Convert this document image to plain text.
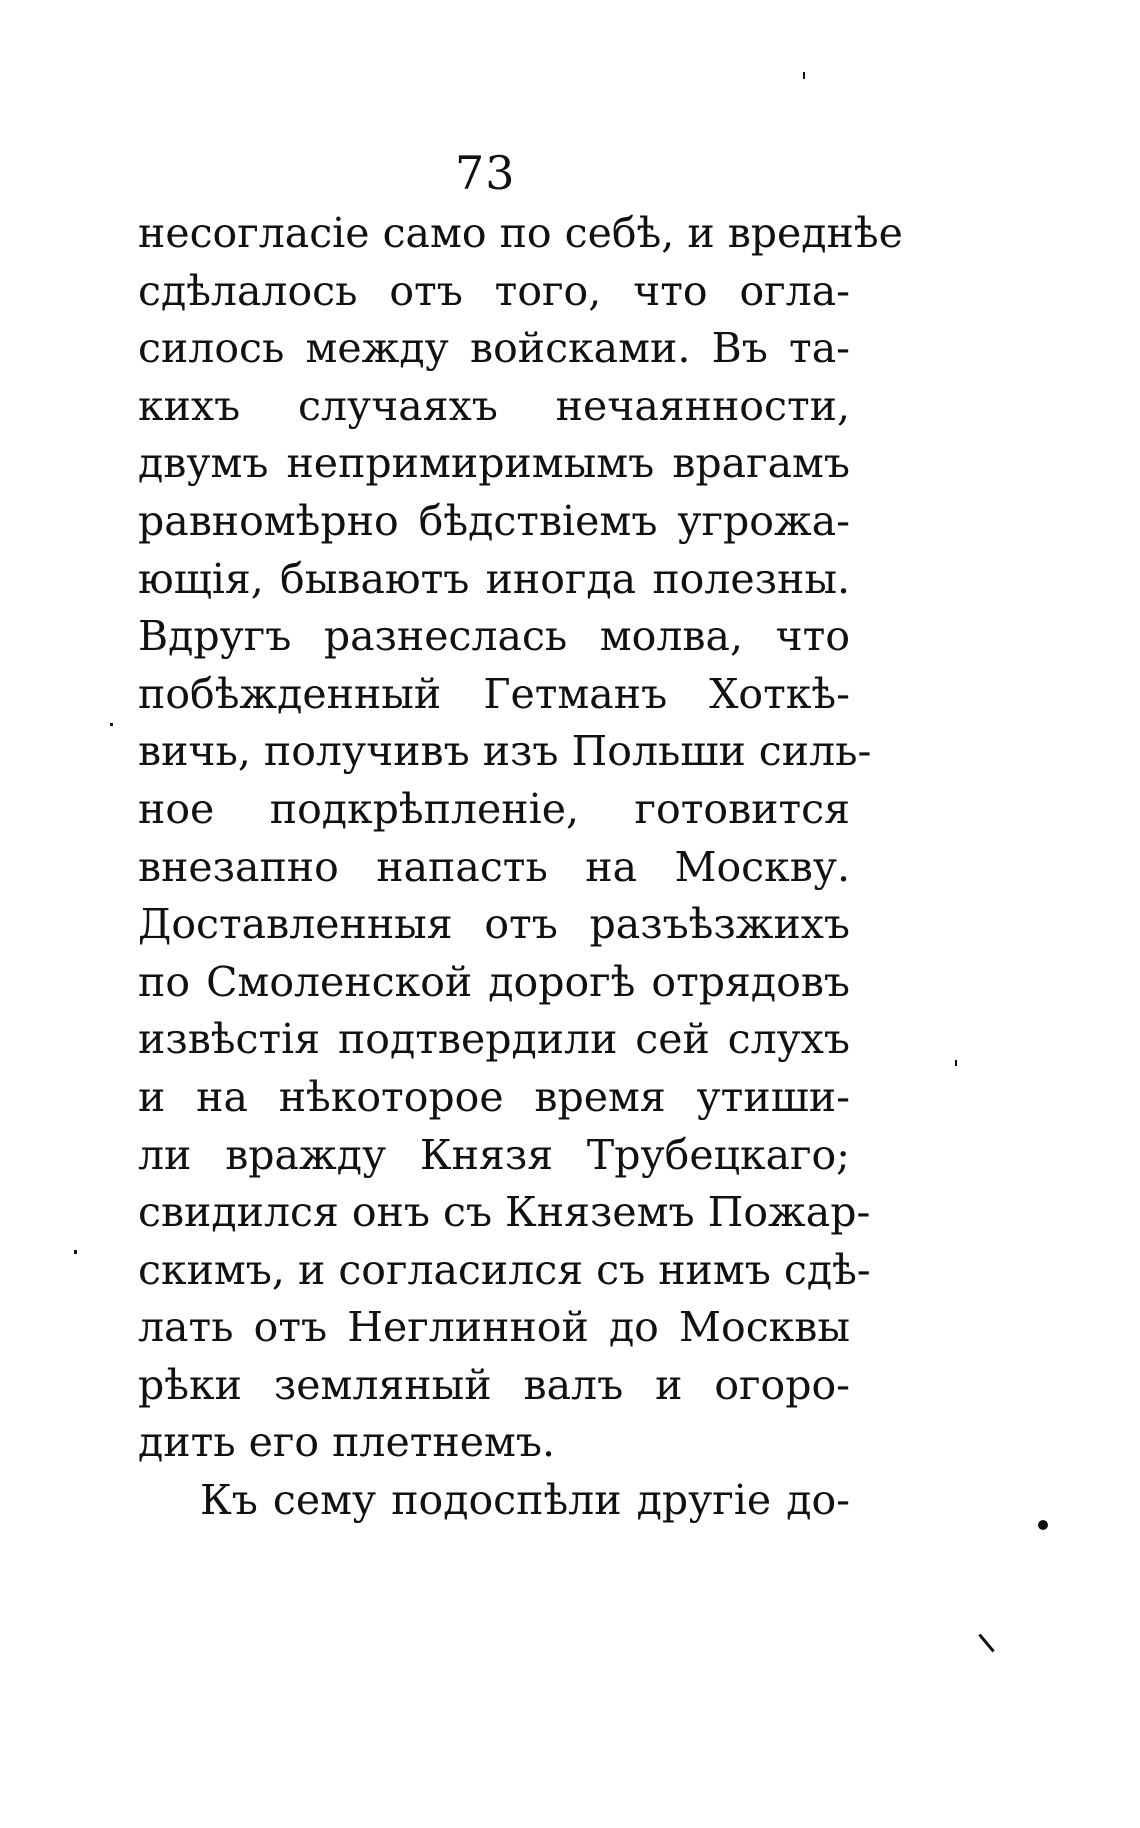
73
несогласіе само по себѣ, и вреднѣе
сдѣлалось отъ того, что огла-
силось между войсками. Въ та-
кихъ случаяхъ нечаянности,
двумъ непримиримымъ врагамъ
равномѣрно бѣдствіемъ угрожа-
ющія, бываютъ иногда полезны.
Вдругъ разнеслась молва, что
побѣжденный Гетманъ Хоткѣ-
вичь, получивъ изъ Польши силь-
ное подкрѣпленіе, готовится
внезапно напасть на Москву.
Доставленныя отъ разъѣзжихъ
по Смоленской дорогѣ отрядовъ
извѣстія подтвердили сей слухъ
и на нѣкоторое время утиши-
ли вражду Князя Трубецкаго;
свидился онъ съ Княземъ Пожар-
скимъ, и согласился съ нимъ сдѣ-
лать отъ Неглинной до Москвы
рѣки земляный валъ и огоро-
дить его плетнемъ.
Къ сему подоспѣли другіе до-
